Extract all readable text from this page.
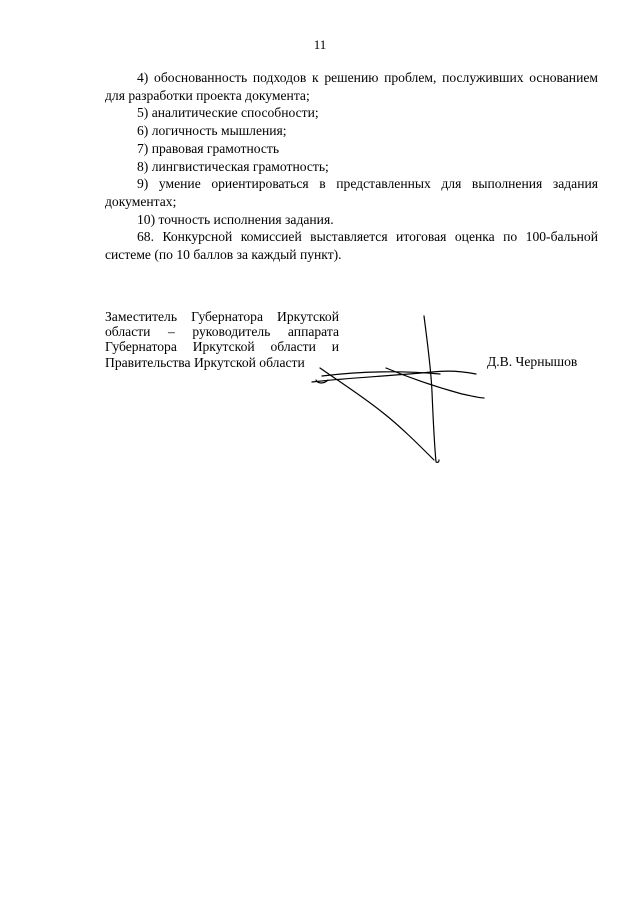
11

4) обоснованность подходов к решению проблем, послуживших основанием для разработки проекта документа;

5) аналитические способности;

6) логичность мышления;

7) правовая грамотность

8) лингвистическая грамотность;

9) умение ориентироваться в представленных для выполнения задания документах;

10) точность исполнения задания.

68. Конкурсной комиссией выставляется итоговая оценка по 100-бальной системе (по 10 баллов за каждый пункт).

Заместитель Губернатора Иркутской
области – руководитель аппарата
Губернатора Иркутской области и
Правительства Иркутской области	Д.В. Чернышов
